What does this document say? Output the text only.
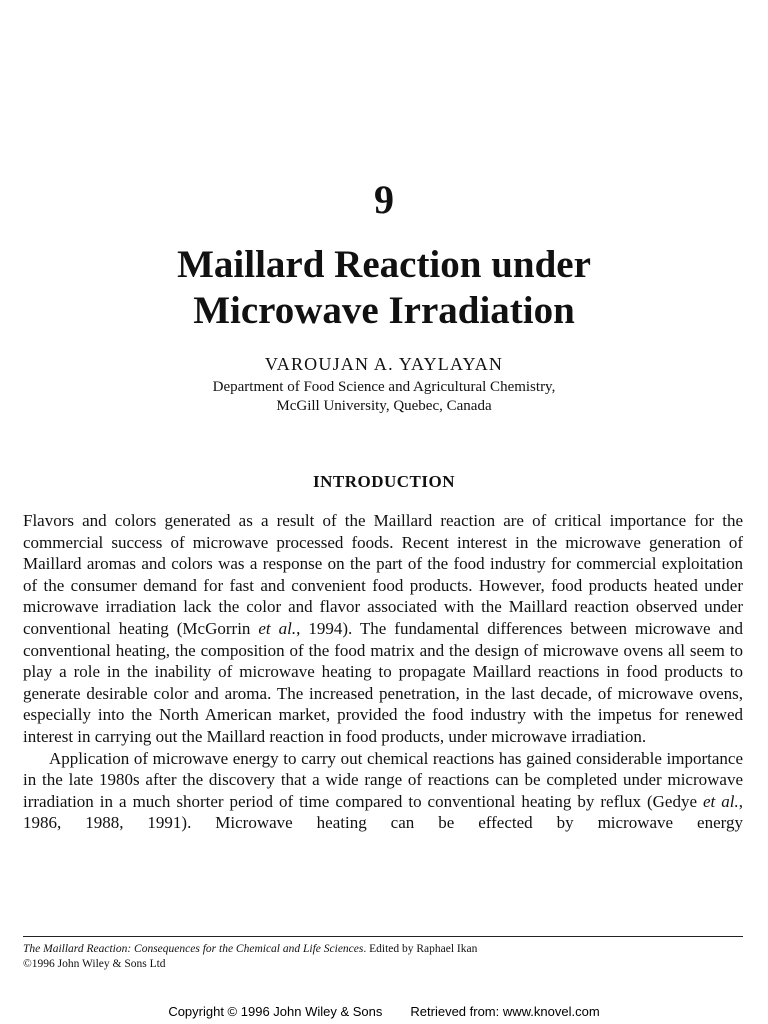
9
Maillard Reaction under
Microwave Irradiation
VAROUJAN A. YAYLAYAN
Department of Food Science and Agricultural Chemistry,
McGill University, Quebec, Canada
INTRODUCTION

Flavors and colors generated as a result of the Maillard reaction are of critical importance for the commercial success of microwave processed foods. Recent interest in the microwave generation of Maillard aromas and colors was a response on the part of the food industry for commercial exploitation of the consumer demand for fast and convenient food products. However, food products heated under microwave irradiation lack the color and flavor associated with the Maillard reaction observed under conventional heating (McGorrin et al., 1994). The fundamental differences between microwave and conventional heating, the composition of the food matrix and the design of microwave ovens all seem to play a role in the inability of microwave heating to propagate Maillard reactions in food products to generate desirable color and aroma. The increased penetration, in the last decade, of microwave ovens, especially into the North American market, provided the food industry with the impetus for renewed interest in carrying out the Maillard reaction in food products, under microwave irradiation.

Application of microwave energy to carry out chemical reactions has gained considerable importance in the late 1980s after the discovery that a wide range of reactions can be completed under microwave irradiation in a much shorter period of time compared to conventional heating by reflux (Gedye et al., 1986, 1988, 1991). Microwave heating can be effected by microwave energy

The Maillard Reaction: Consequences for the Chemical and Life Sciences. Edited by Raphael Ikan
©1996 John Wiley & Sons Ltd
Copyright © 1996 John Wiley & Sons Retrieved from: www.knovel.com
